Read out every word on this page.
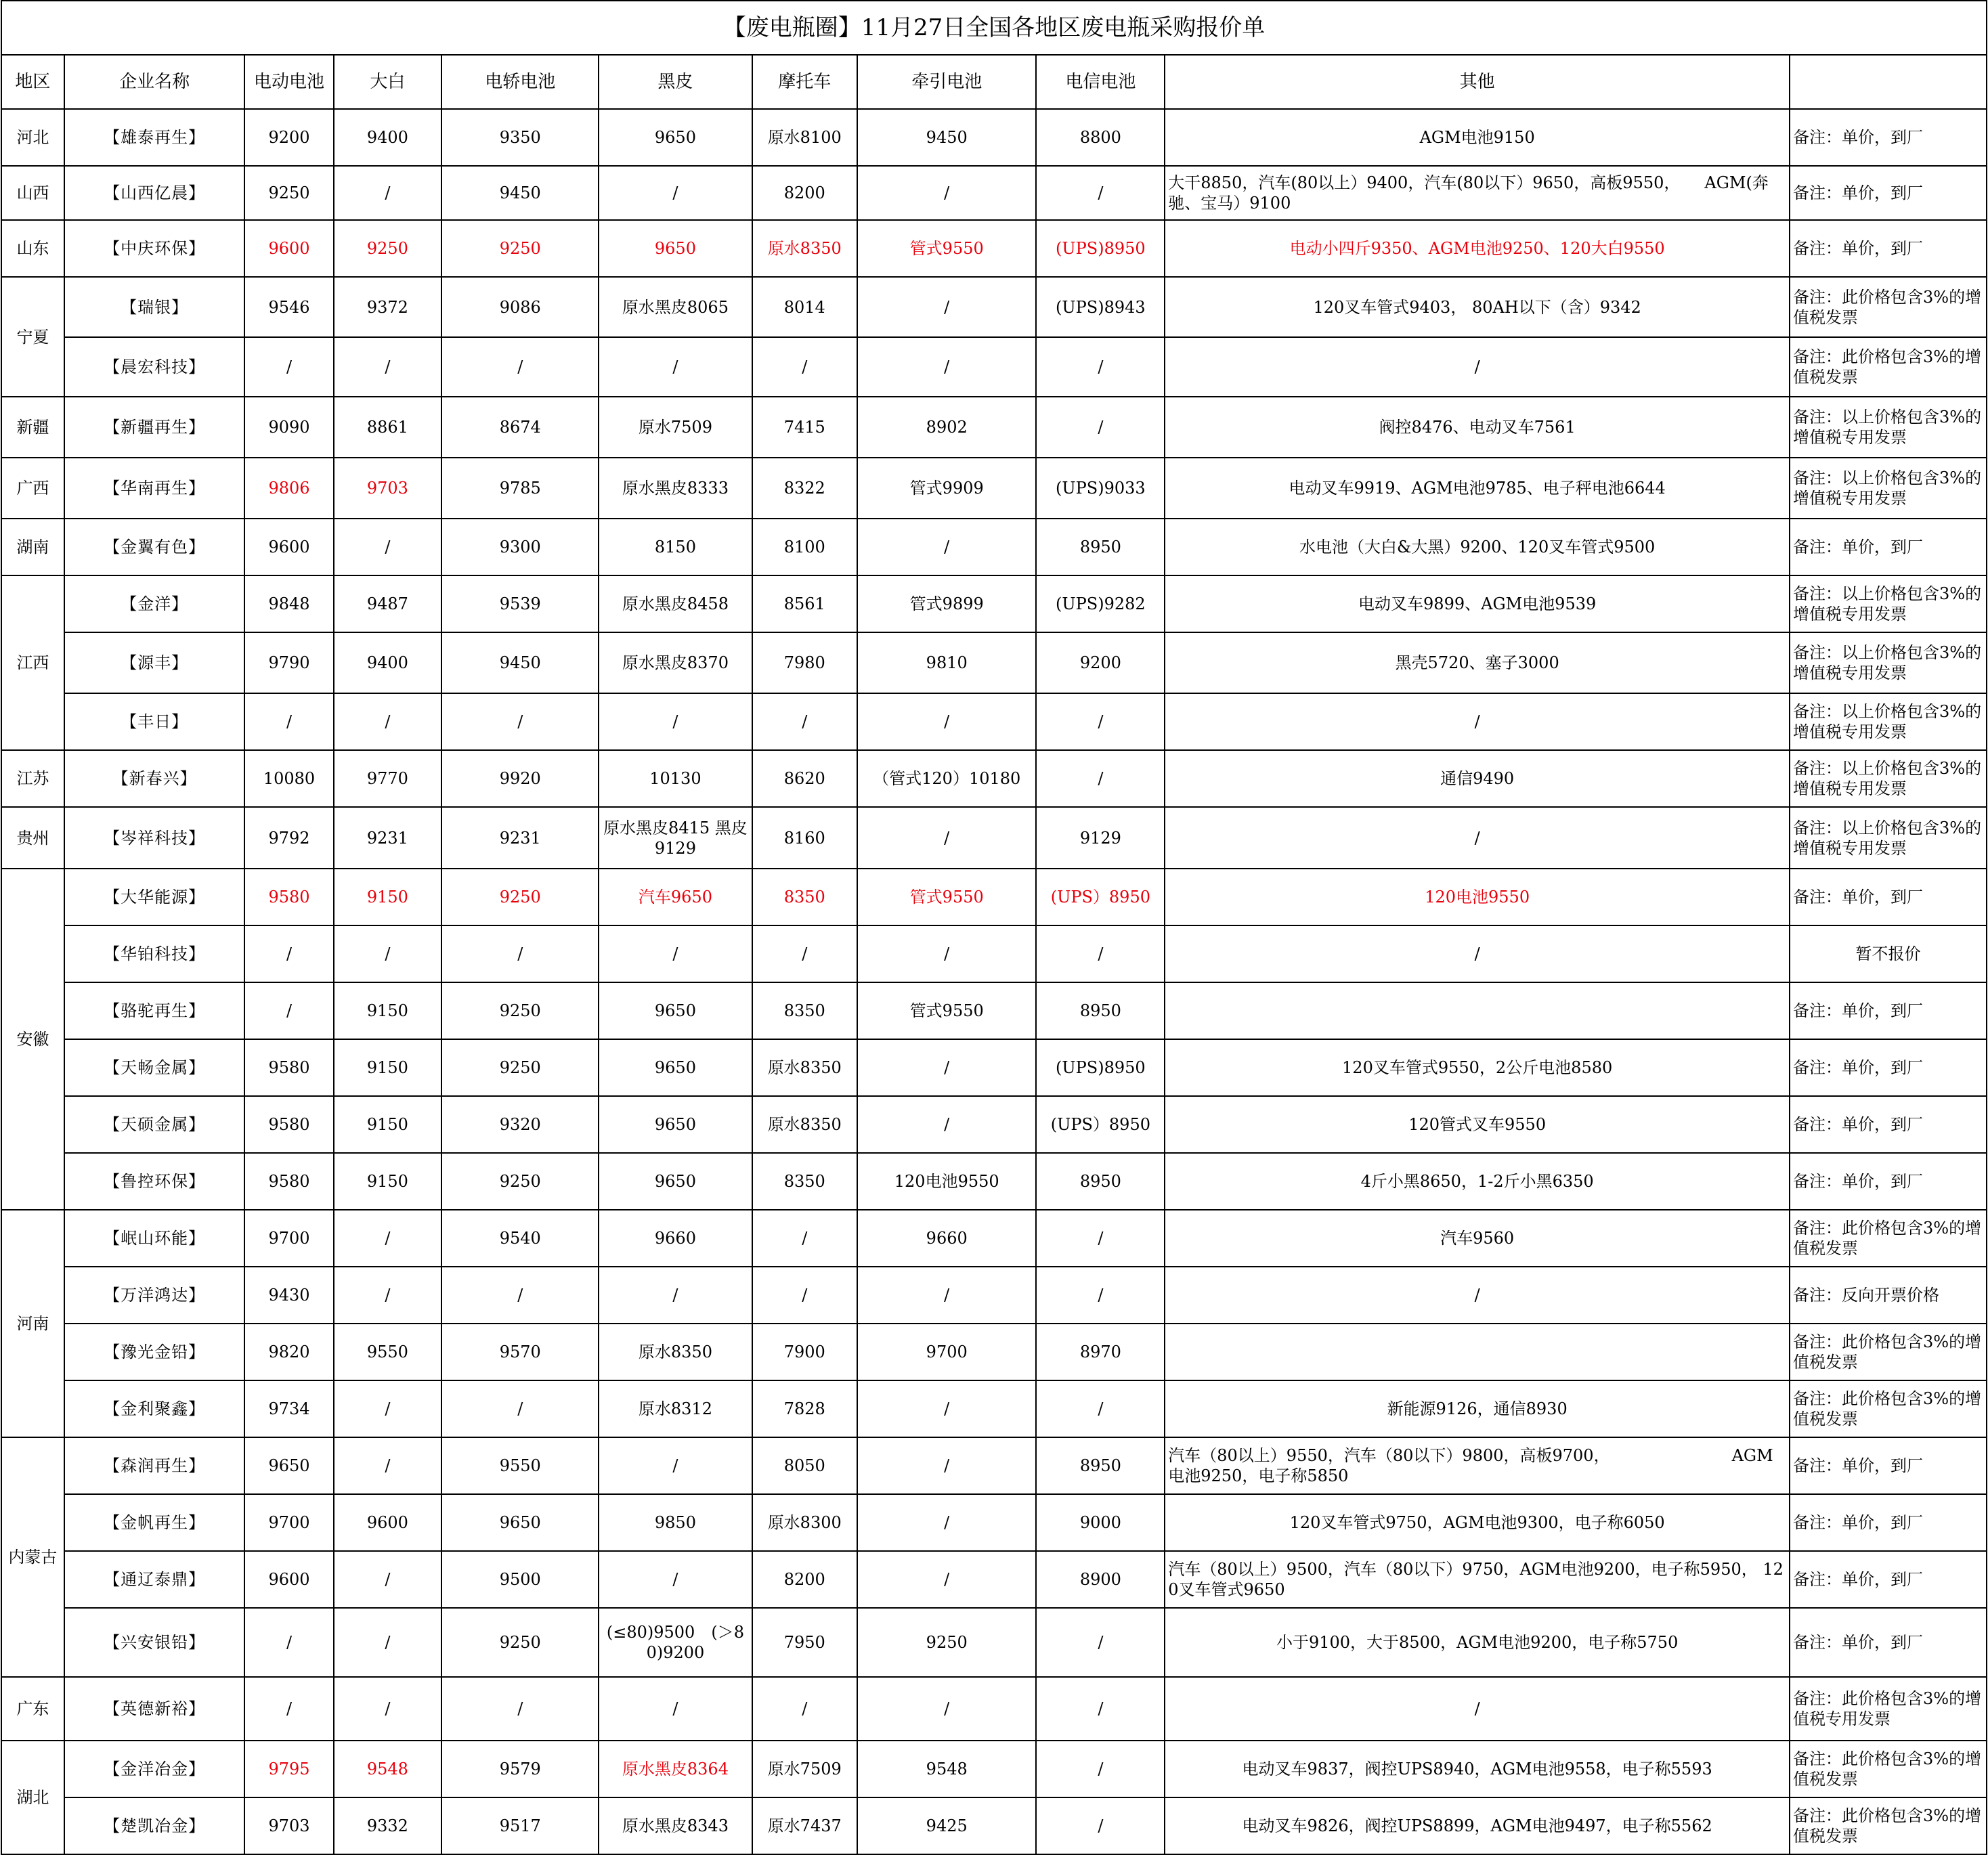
【废电瓶圈】11月27日全国各地区废电瓶采购报价单										
地区	企业名称	电动电池	大白	电轿电池	黑皮	摩托车	牵引电池	电信电池	其他	
河北	【雄泰再生】	9200	9400	9350	9650	原水8100	9450	8800	AGM电池9150	备注：单价，到厂
山西	【山西亿晨】	9250	/	9450	/	8200	/	/	大干8850，汽车(80以上）9400，汽车(80以下）9650，高板9550，　　AGM(奔驰、宝马）9100	备注：单价，到厂
山东	【中庆环保】	9600	9250	9250	9650	原水8350	管式9550	(UPS)8950	电动小四斤9350、AGM电池9250、120大白9550	备注：单价，到厂
宁夏	【瑞银】	9546	9372	9086	原水黑皮8065	8014	/	(UPS)8943	120叉车管式9403， 80AH以下（含）9342	备注：此价格包含3%的增值税发票
	【晨宏科技】	/	/	/	/	/	/	/	/	备注：此价格包含3%的增值税发票
新疆	【新疆再生】	9090	8861	8674	原水7509	7415	8902	/	阀控8476、电动叉车7561	备注：以上价格包含3%的增值税专用发票
广西	【华南再生】	9806	9703	9785	原水黑皮8333	8322	管式9909	(UPS)9033	电动叉车9919、AGM电池9785、电子秤电池6644	备注：以上价格包含3%的增值税专用发票
湖南	【金翼有色】	9600	/	9300	8150	8100	/	8950	水电池（大白&大黑）9200、120叉车管式9500	备注：单价，到厂
江西	【金洋】	9848	9487	9539	原水黑皮8458	8561	管式9899	(UPS)9282	电动叉车9899、AGM电池9539	备注：以上价格包含3%的增值税专用发票
	【源丰】	9790	9400	9450	原水黑皮8370	7980	9810	9200	黑壳5720、塞子3000	备注：以上价格包含3%的增值税专用发票
	【丰日】	/	/	/	/	/	/	/	/	备注：以上价格包含3%的增值税专用发票
江苏	【新春兴】	10080	9770	9920	10130	8620	（管式120）10180	/	通信9490	备注：以上价格包含3%的增值税专用发票
贵州	【岑祥科技】	9792	9231	9231	原水黑皮8415 黑皮9129	8160	/	9129	/	备注：以上价格包含3%的增值税专用发票
安徽	【大华能源】	9580	9150	9250	汽车9650	8350	管式9550	(UPS）8950	120电池9550	备注：单价，到厂
	【华铂科技】	/	/	/	/	/	/	/	/	暂不报价
	【骆驼再生】	/	9150	9250	9650	8350	管式9550	8950		备注：单价，到厂
	【天畅金属】	9580	9150	9250	9650	原水8350	/	(UPS)8950	120叉车管式9550，2公斤电池8580	备注：单价，到厂
	【天硕金属】	9580	9150	9320	9650	原水8350	/	(UPS）8950	120管式叉车9550	备注：单价，到厂
	【鲁控环保】	9580	9150	9250	9650	8350	120电池9550	8950	4斤小黑8650，1-2斤小黑6350	备注：单价，到厂
河南	【岷山环能】	9700	/	9540	9660	/	9660	/	汽车9560	备注：此价格包含3%的增值税发票
	【万洋鸿达】	9430	/	/	/	/	/	/	/	备注：反向开票价格
	【豫光金铅】	9820	9550	9570	原水8350	7900	9700	8970		备注：此价格包含3%的增值税发票
	【金利聚鑫】	9734	/	/	原水8312	7828	/	/	新能源9126，通信8930	备注：此价格包含3%的增值税发票
内蒙古	【森润再生】	9650	/	9550	/	8050	/	8950	汽车（80以上）9550，汽车（80以下）9800，高板9700，　　　　　　　　AGM电池9250，电子称5850	备注：单价，到厂
	【金帆再生】	9700	9600	9650	9850	原水8300	/	9000	120叉车管式9750，AGM电池9300，电子称6050	备注：单价，到厂
	【通辽泰鼎】	9600	/	9500	/	8200	/	8900	汽车（80以上）9500，汽车（80以下）9750，AGM电池9200，电子称5950， 120叉车管式9650	备注：单价，到厂
	【兴安银铅】	/	/	9250	(≤80)9500　(＞80)9200	7950	9250	/	小于9100，大于8500，AGM电池9200，电子称5750	备注：单价，到厂
广东	【英德新裕】	/	/	/	/	/	/	/	/	备注：此价格包含3%的增值税专用发票
湖北	【金洋冶金】	9795	9548	9579	原水黑皮8364	原水7509	9548	/	电动叉车9837，阀控UPS8940，AGM电池9558，电子称5593	备注：此价格包含3%的增值税发票
	【楚凯冶金】	9703	9332	9517	原水黑皮8343	原水7437	9425	/	电动叉车9826，阀控UPS8899，AGM电池9497，电子称5562	备注：此价格包含3%的增值税发票
